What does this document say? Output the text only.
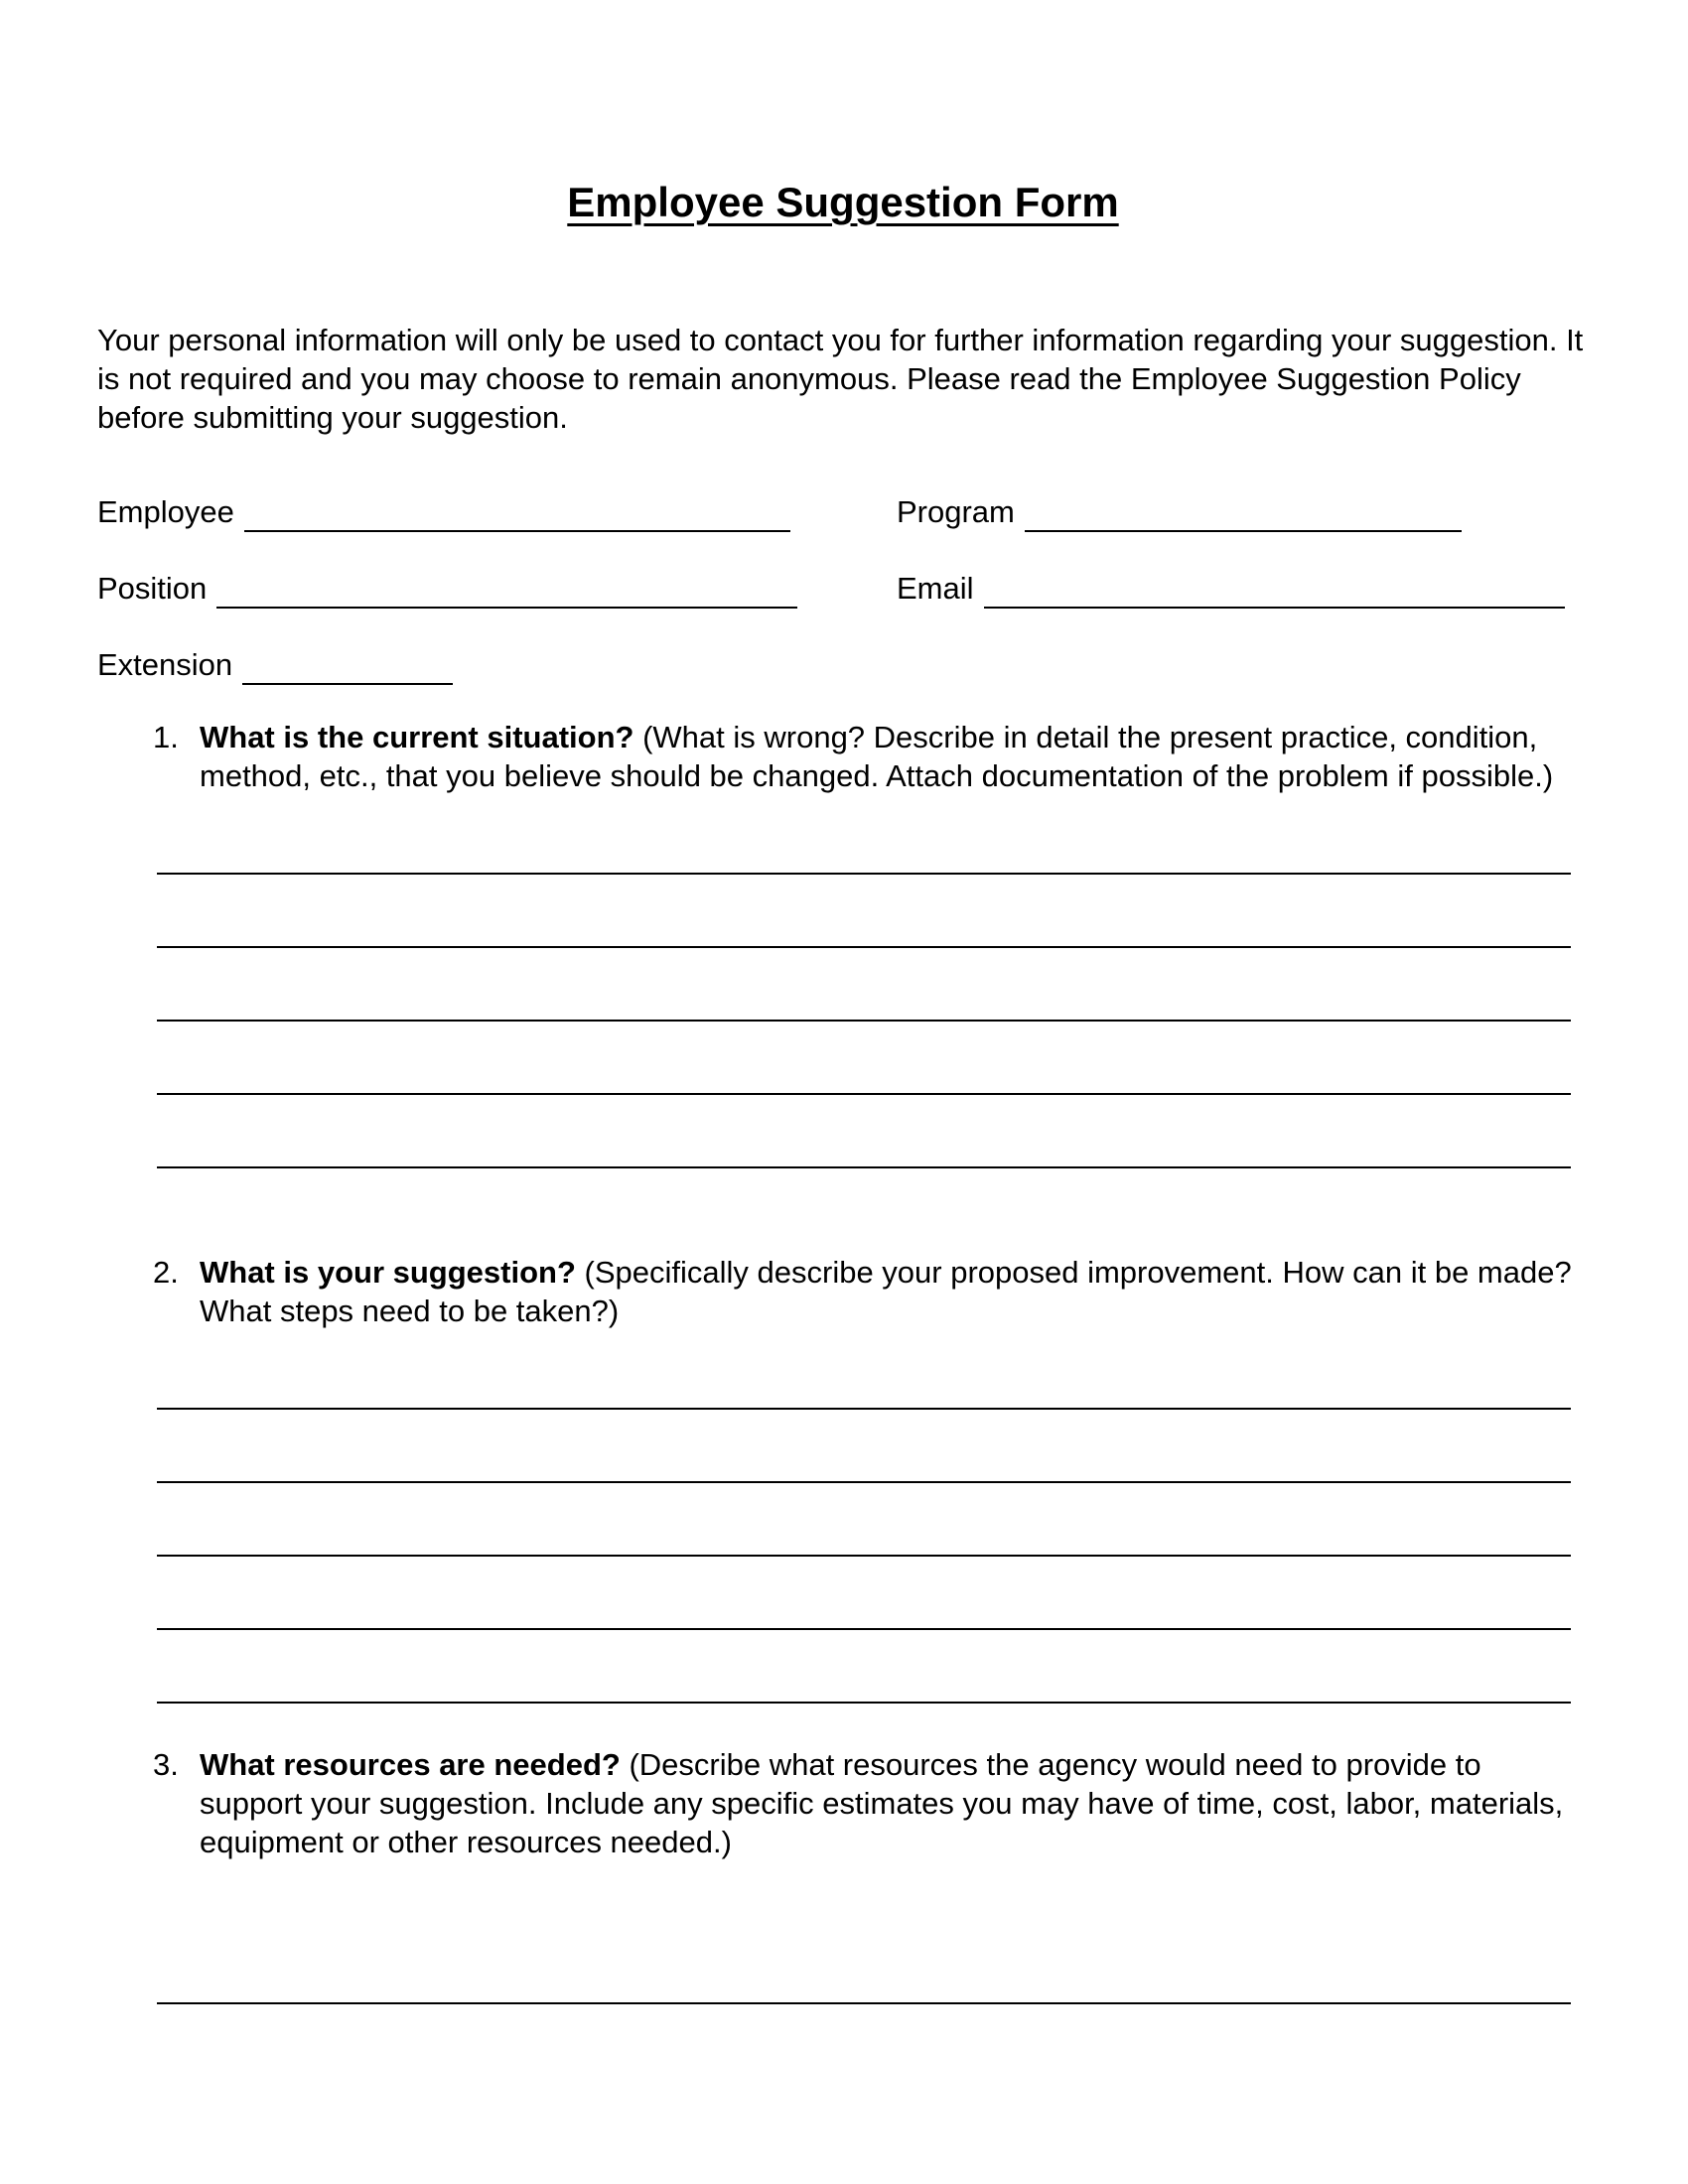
Employee Suggestion Form

Your personal information will only be used to contact you for further information regarding your suggestion. It is not required and you may choose to remain anonymous. Please read the Employee Suggestion Policy before submitting your suggestion.

Employee	Program
Position	Email
Extension
1. What is the current situation? (What is wrong? Describe in detail the present practice, condition, method, etc., that you believe should be changed. Attach documentation of the problem if possible.)
2. What is your suggestion? (Specifically describe your proposed improvement. How can it be made? What steps need to be taken?)
3. What resources are needed? (Describe what resources the agency would need to provide to support your suggestion. Include any specific estimates you may have of time, cost, labor, materials, equipment or other resources needed.)
